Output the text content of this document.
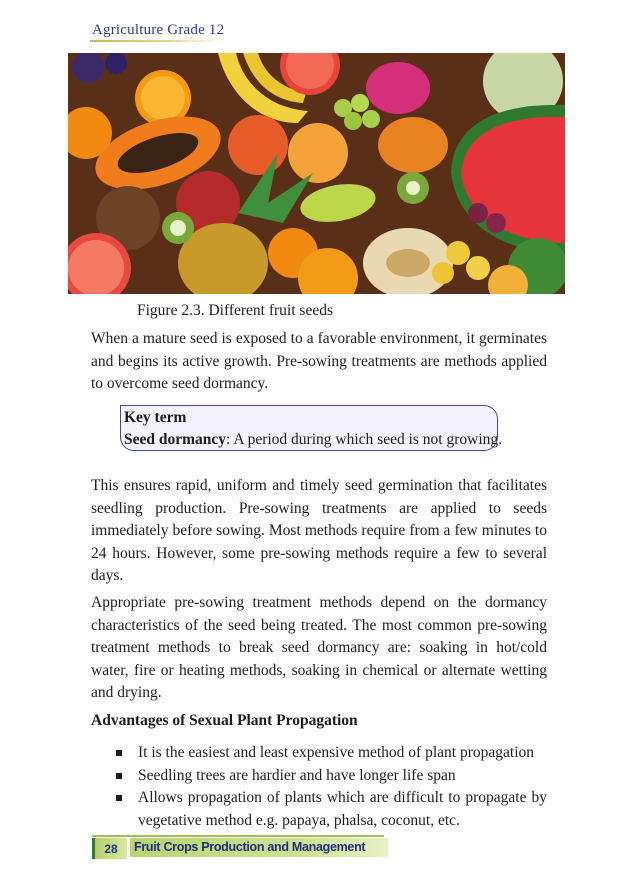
Agriculture Grade 12
Figure 2.3. Different fruit seeds

When a mature seed is exposed to a favorable environment, it germinates and begins its active growth. Pre-sowing treatments are methods applied to overcome seed dormancy.

Key term
Seed dormancy: A period during which seed is not growing.

This ensures rapid, uniform and timely seed germination that facilitates seedling production. Pre-sowing treatments are applied to seeds immediately before sowing. Most methods require from a few minutes to 24 hours. However, some pre-sowing methods require a few to several days.

Appropriate pre-sowing treatment methods depend on the dormancy characteristics of the seed being treated. The most common pre-sowing treatment methods to break seed dormancy are: soaking in hot/cold water, fire or heating methods, soaking in chemical or alternate wetting and drying.

Advantages of Sexual Plant Propagation
It is the easiest and least expensive method of plant propagation
Seedling trees are hardier and have longer life span
Allows propagation of plants which are difficult to propagate by vegetative method e.g. papaya, phalsa, coconut, etc.
28	Fruit Crops Production and Management
